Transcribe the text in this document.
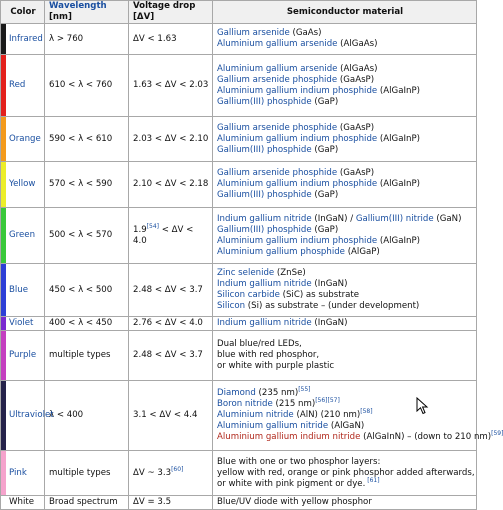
Color	Wavelength [nm]	Voltage drop [ΔV]	Semiconductor material

Infrared	λ > 760	ΔV < 1.63	Gallium arsenide (GaAs)
Aluminium gallium arsenide (AlGaAs)

Red	610 < λ < 760	1.63 < ΔV < 2.03	Aluminium gallium arsenide (AlGaAs)
Gallium arsenide phosphide (GaAsP)
Aluminium gallium indium phosphide (AlGaInP)
Gallium(III) phosphide (GaP)

Orange	590 < λ < 610	2.03 < ΔV < 2.10	Gallium arsenide phosphide (GaAsP)
Aluminium gallium indium phosphide (AlGaInP)
Gallium(III) phosphide (GaP)

Yellow	570 < λ < 590	2.10 < ΔV < 2.18	Gallium arsenide phosphide (GaAsP)
Aluminium gallium indium phosphide (AlGaInP)
Gallium(III) phosphide (GaP)

Green	500 < λ < 570	1.9[54] < ΔV < 4.0	Indium gallium nitride (InGaN) / Gallium(III) nitride (GaN)
Gallium(III) phosphide (GaP)
Aluminium gallium indium phosphide (AlGaInP)
Aluminium gallium phosphide (AlGaP)

Blue	450 < λ < 500	2.48 < ΔV < 3.7	Zinc selenide (ZnSe)
Indium gallium nitride (InGaN)
Silicon carbide (SiC) as substrate
Silicon (Si) as substrate – (under development)

Violet	400 < λ < 450	2.76 < ΔV < 4.0	Indium gallium nitride (InGaN)

Purple	multiple types	2.48 < ΔV < 3.7	Dual blue/red LEDs,
blue with red phosphor,
or white with purple plastic

Ultraviolet	λ < 400	3.1 < ΔV < 4.4	Diamond (235 nm)[55]
Boron nitride (215 nm)[56][57]
Aluminium nitride (AlN) (210 nm)[58]
Aluminium gallium nitride (AlGaN)
Aluminium gallium indium nitride (AlGaInN) – (down to 210 nm)[59]

Pink	multiple types	ΔV ~ 3.3[60]	Blue with one or two phosphor layers:
yellow with red, orange or pink phosphor added afterwards,
or white with pink pigment or dye. [61]

White	Broad spectrum	ΔV = 3.5	Blue/UV diode with yellow phosphor
